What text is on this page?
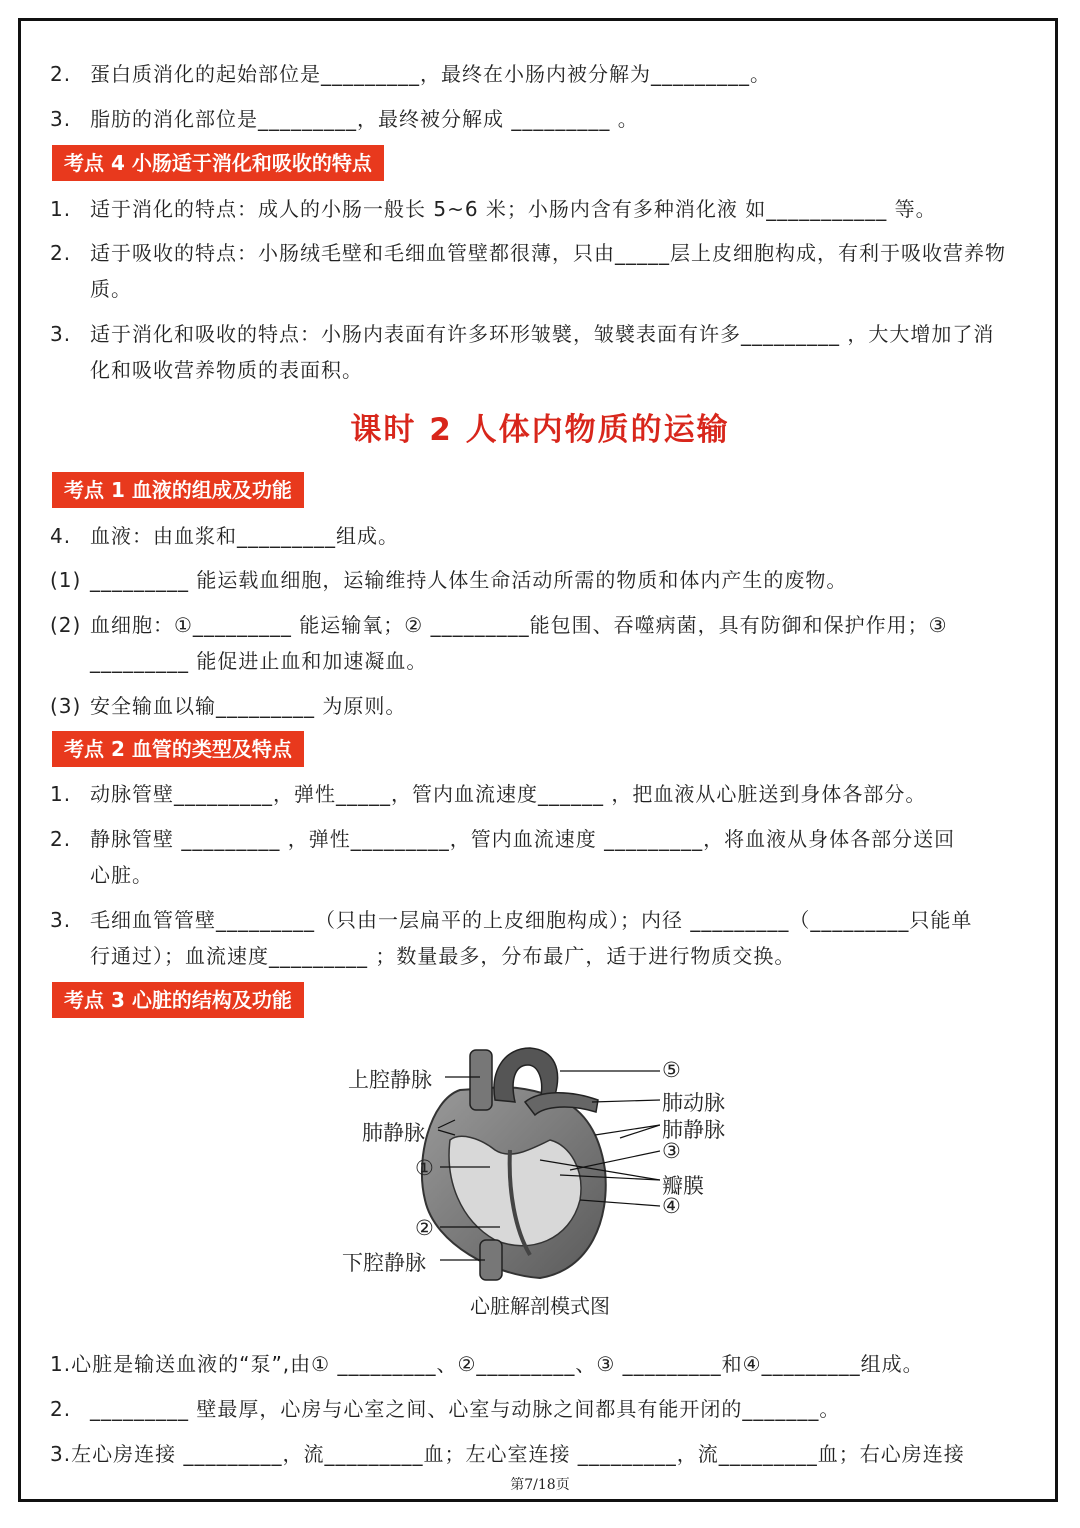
2. 蛋白质消化的起始部位是_________，最终在小肠内被分解为_________。
3. 脂肪的消化部位是_________，最终被分解成 _________ 。
考点 4 小肠适于消化和吸收的特点
1. 适于消化的特点：成人的小肠一般长 5~6 米；小肠内含有多种消化液 如___________ 等。
2. 适于吸收的特点：小肠绒毛壁和毛细血管壁都很薄，只由_____层上皮细胞构成，有利于吸收营养物
质。
3. 适于消化和吸收的特点：小肠内表面有许多环形皱襞，皱襞表面有许多_________ ，大大增加了消
化和吸收营养物质的表面积。
课时 2 人体内物质的运输
考点 1 血液的组成及功能
4. 血液：由血浆和_________组成。
(1) _________ 能运载血细胞，运输维持人体生命活动所需的物质和体内产生的废物。
(2) 血细胞：①_________ 能运输氧；② _________能包围、吞噬病菌，具有防御和保护作用；③
_________ 能促进止血和加速凝血。
(3) 安全输血以输_________ 为原则。
考点 2 血管的类型及特点
1. 动脉管壁_________，弹性_____，管内血流速度______ ，把血液从心脏送到身体各部分。
2. 静脉管壁 _________ ，弹性_________，管内血流速度 _________，将血液从身体各部分送回
心脏。
3. 毛细血管管壁_________（只由一层扁平的上皮细胞构成）；内径 _________（_________只能单
行通过）；血流速度_________ ；数量最多，分布最广，适于进行物质交换。
考点 3 心脏的结构及功能
上腔静脉
肺静脉
①
②
下腔静脉
⑤
肺动脉
肺静脉
③
瓣膜
④
心脏解剖模式图
1.心脏是输送血液的“泵”,由① _________、②_________、③ _________和④_________组成。
2. _________ 壁最厚，心房与心室之间、心室与动脉之间都具有能开闭的_______。
3.左心房连接 _________，流_________血；左心室连接 _________，流_________血；右心房连接
第7/18页
